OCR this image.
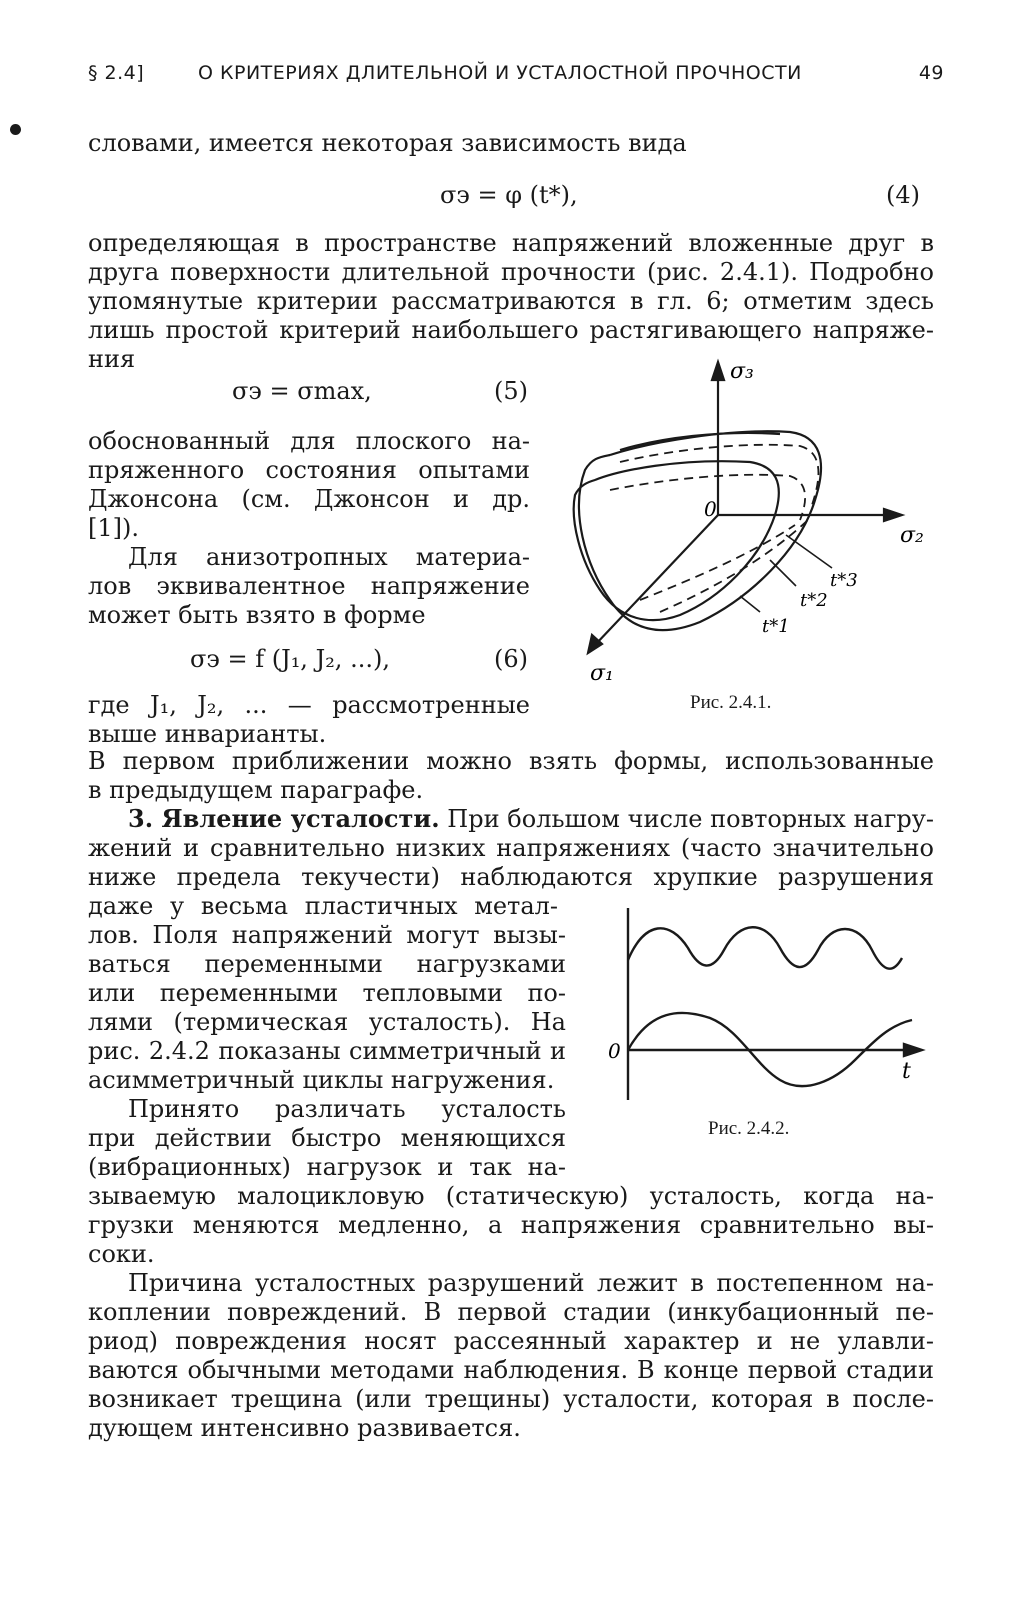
§ 2.4]	О КРИТЕРИЯХ ДЛИТЕЛЬНОЙ И УСТАЛОСТНОЙ ПРОЧНОСТИ	49
словами, имеется некоторая зависимость вида
σэ = φ (t*),	(4)
определяющая в пространстве напряжений вложенные друг в
друга поверхности длительной прочности (рис. 2.4.1). Подробно
упомянутые критерии рассматриваются в гл. 6; отметим здесь
лишь простой критерий наибольшего растягивающего напряже-
ния
σэ = σmax,	(5)
обоснованный для плоского на-
пряженного состояния опытами
Джонсона (см. Джонсон и др.
[1]).
Для анизотропных материа-
лов эквивалентное напряжение
может быть взято в форме
σэ = f (J₁, J₂, ...),	(6)
где J₁, J₂, ... — рассмотренные
выше инварианты.
σ₃
σ₂
σ₁
0
t*3
t*2
t*1
Рис. 2.4.1.
В первом приближении можно взять формы, использованные
в предыдущем параграфе.
3. Явление усталости. При большом числе повторных нагру-
жений и сравнительно низких напряжениях (часто значительно
ниже предела текучести) наблюдаются хрупкие разрушения
даже у весьма пластичных метал-
лов. Поля напряжений могут вызы-
ваться переменными нагрузками
или переменными тепловыми по-
лями (термическая усталость). На
рис. 2.4.2 показаны симметричный и
асимметричный циклы нагружения.
Принято различать усталость
при действии быстро меняющихся
(вибрационных) нагрузок и так на-
0
t
Рис. 2.4.2.
зываемую малоцикловую (статическую) усталость, когда на-
грузки меняются медленно, а напряжения сравнительно вы-
соки.
Причина усталостных разрушений лежит в постепенном на-
коплении повреждений. В первой стадии (инкубационный пе-
риод) повреждения носят рассеянный характер и не улавли-
ваются обычными методами наблюдения. В конце первой стадии
возникает трещина (или трещины) усталости, которая в после-
дующем интенсивно развивается.
